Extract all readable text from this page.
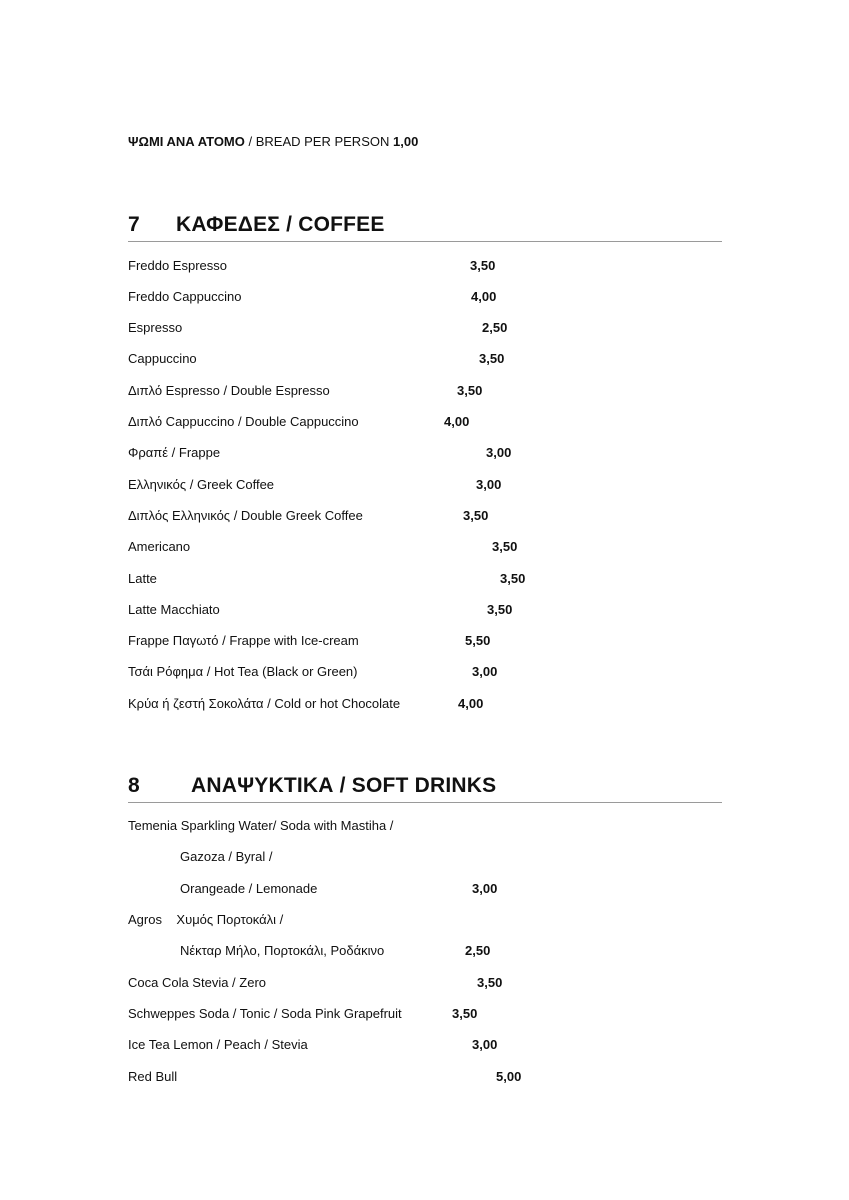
ΨΩΜΙ ΑΝΑ ΑΤΟΜΟ / BREAD PER PERSON 1,00
7 ΚΑΦΕΔΕΣ / COFFEE
Freddo Espresso	3,50
Freddo Cappuccino	4,00
Espresso	2,50
Cappuccino	3,50
Διπλό Espresso / Double Espresso	3,50
Διπλό Cappuccino / Double Cappuccino	4,00
Φραπέ / Frappe	3,00
Ελληνικός / Greek Coffee	3,00
Διπλός Ελληνικός / Double Greek Coffee	3,50
Americano	3,50
Latte	3,50
Latte Macchiato	3,50
Frappe Παγωτό / Frappe with Ice-cream	5,50
Τσάι Ρόφημα / Hot Tea (Black or Green)	3,00
Κρύα ή ζεστή Σοκολάτα / Cold or hot Chocolate	4,00
8 ΑΝΑΨΥΚΤΙΚΑ / SOFT DRINKS
Temenia Sparkling Water/ Soda with Mastiha /
Gazoza / Byral /
Orangeade / Lemonade	3,00
Agros    Χυμός Πορτοκάλι /
Νέκταρ Μήλο, Πορτοκάλι, Ροδάκινο	2,50
Coca Cola Stevia / Zero	3,50
Schweppes Soda / Tonic / Soda Pink Grapefruit	3,50
Ice Tea Lemon / Peach / Stevia	3,00
Red Bull	5,00
